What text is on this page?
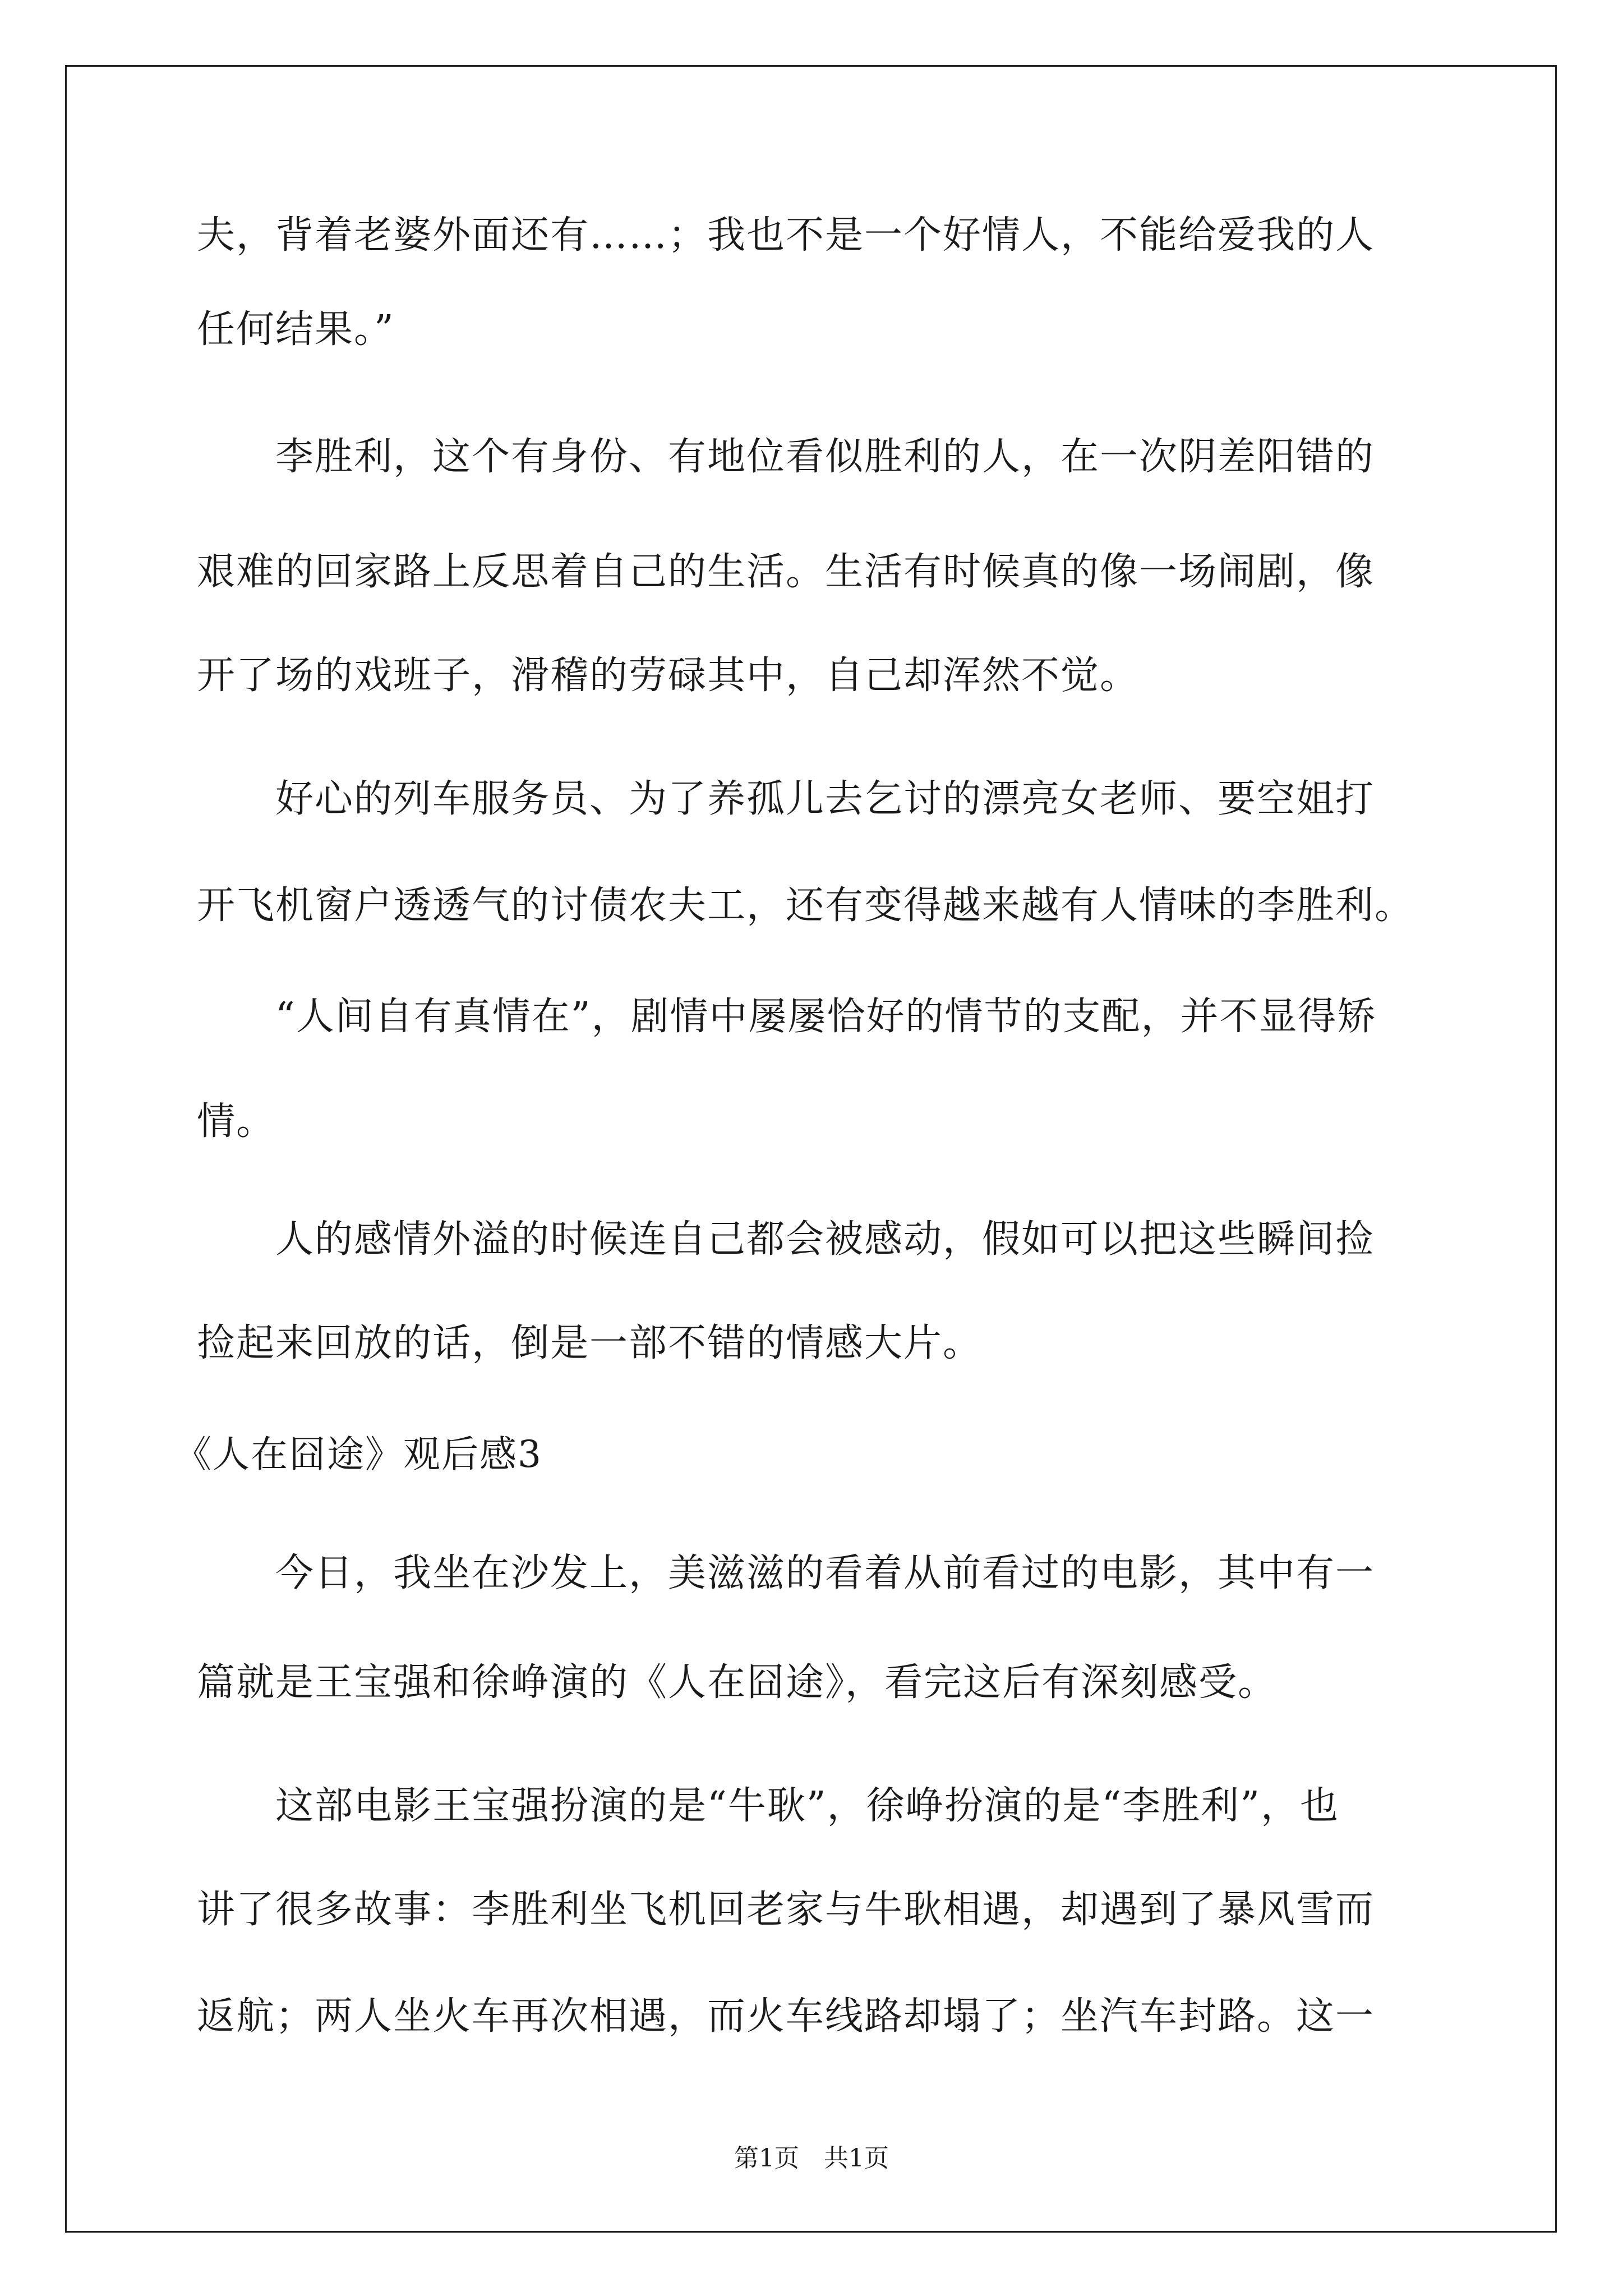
夫，背着老婆外面还有……；我也不是一个好情人，不能给爱我的人
任何结果。”
　　李胜利，这个有身份、有地位看似胜利的人，在一次阴差阳错的
艰难的回家路上反思着自己的生活。生活有时候真的像一场闹剧，像
开了场的戏班子，滑稽的劳碌其中，自己却浑然不觉。
　　好心的列车服务员、为了养孤儿去乞讨的漂亮女老师、要空姐打
开飞机窗户透透气的讨债农夫工，还有变得越来越有人情味的李胜利。
　　“人间自有真情在”，剧情中屡屡恰好的情节的支配，并不显得矫
情。
　　人的感情外溢的时候连自己都会被感动，假如可以把这些瞬间捡
捡起来回放的话，倒是一部不错的情感大片。
《人在囧途》观后感3
　　今日，我坐在沙发上，美滋滋的看着从前看过的电影，其中有一
篇就是王宝强和徐峥演的《人在囧途》，看完这后有深刻感受。
　　这部电影王宝强扮演的是“牛耿”，徐峥扮演的是“李胜利”，也
讲了很多故事：李胜利坐飞机回老家与牛耿相遇，却遇到了暴风雪而
返航；两人坐火车再次相遇，而火车线路却塌了；坐汽车封路。这一
第1页　共1页
